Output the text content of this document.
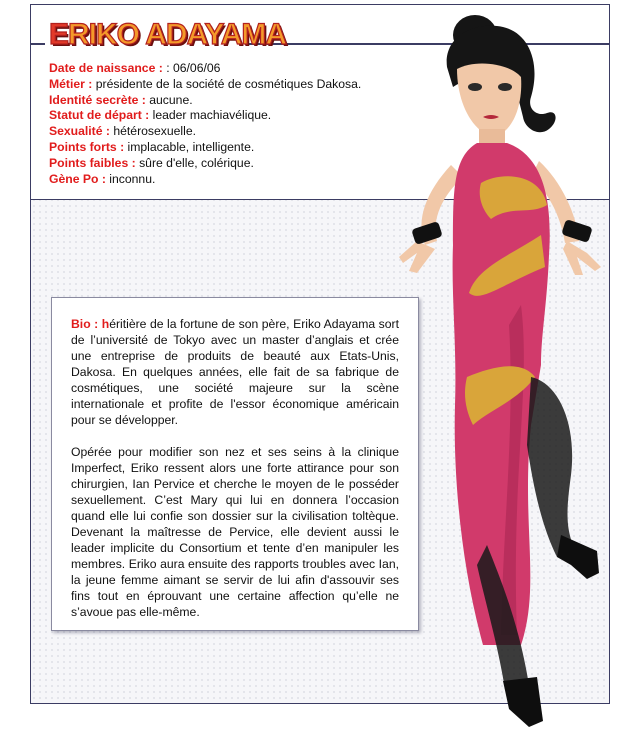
ERIKO ADAYAMA
Date de naissance : : 06/06/06
Métier : présidente de la société de cosmétiques Dakosa.
Identité secrète : aucune.
Statut de départ : leader machiavélique.
Sexualité : hétérosexuelle.
Points forts : implacable, intelligente.
Points faibles : sûre d'elle, colérique.
Gène Po : inconnu.

Bio : héritière de la fortune de son père, Eriko Adayama sort de l’université de Tokyo avec un master d’anglais et crée une entreprise de produits de beauté aux Etats-Unis, Dakosa. En quelques années, elle fait de sa fabrique de cosmétiques, une société majeure sur la scène internationale et profite de l'essor économique américain pour se développer.

Opérée pour modifier son nez et ses seins à la clinique Imperfect, Eriko ressent alors une forte attirance pour son chirurgien, Ian Pervice et cherche le moyen de le posséder sexuellement. C’est Mary qui lui en donnera l’occasion quand elle lui confie son dossier sur la civilisation toltèque. Devenant la maîtresse de Pervice, elle devient aussi le leader implicite du Consortium et tente d’en manipuler les membres. Eriko aura ensuite des rapports troubles avec Ian, la jeune femme aimant se servir de lui afin d'assouvir ses fins tout en éprouvant une certaine affection qu’elle ne s’avoue pas elle-même.
